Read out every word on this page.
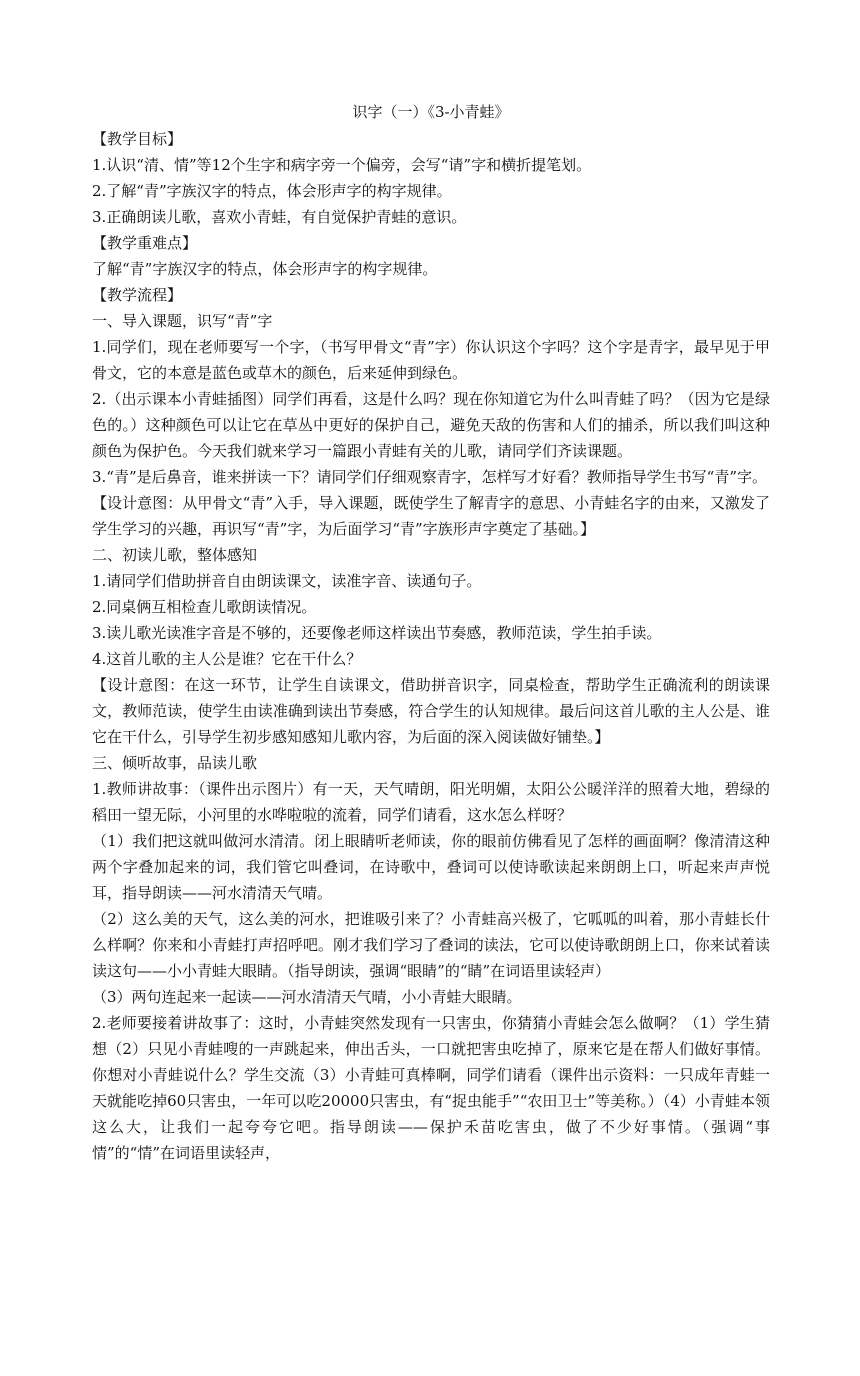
识字（一）《3-小青蛙》

【教学目标】

1.认识“清、情”等12个生字和病字旁一个偏旁，会写“请”字和横折提笔划。

2.了解“青”字族汉字的特点，体会形声字的构字规律。

3.正确朗读儿歌，喜欢小青蛙，有自觉保护青蛙的意识。

【教学重难点】

了解“青”字族汉字的特点，体会形声字的构字规律。

【教学流程】

一、导入课题，识写“青”字

1.同学们，现在老师要写一个字，（书写甲骨文“青”字）你认识这个字吗？这个字是青字，最早见于甲骨文，它的本意是蓝色或草木的颜色，后来延伸到绿色。

2.（出示课本小青蛙插图）同学们再看，这是什么吗？现在你知道它为什么叫青蛙了吗？（因为它是绿色的。）这种颜色可以让它在草丛中更好的保护自己，避免天敌的伤害和人们的捕杀，所以我们叫这种颜色为保护色。今天我们就来学习一篇跟小青蛙有关的儿歌，请同学们齐读课题。

3.“青”是后鼻音，谁来拼读一下？请同学们仔细观察青字，怎样写才好看？教师指导学生书写“青”字。

【设计意图：从甲骨文“青”入手，导入课题，既使学生了解青字的意思、小青蛙名字的由来，又激发了学生学习的兴趣，再识写“青”字，为后面学习“青”字族形声字奠定了基础。】

二、初读儿歌，整体感知

1.请同学们借助拼音自由朗读课文，读准字音、读通句子。

2.同桌俩互相检查儿歌朗读情况。

3.读儿歌光读准字音是不够的，还要像老师这样读出节奏感，教师范读，学生拍手读。

4.这首儿歌的主人公是谁？它在干什么？

【设计意图：在这一环节，让学生自读课文，借助拼音识字，同桌检查，帮助学生正确流利的朗读课文，教师范读，使学生由读准确到读出节奏感，符合学生的认知规律。最后问这首儿歌的主人公是、谁它在干什么，引导学生初步感知感知儿歌内容，为后面的深入阅读做好铺垫。】

三、倾听故事，品读儿歌

1.教师讲故事：（课件出示图片）有一天，天气晴朗，阳光明媚，太阳公公暖洋洋的照着大地，碧绿的稻田一望无际，小河里的水哗啦啦的流着，同学们请看，这水怎么样呀？

（1）我们把这就叫做河水清清。闭上眼睛听老师读，你的眼前仿佛看见了怎样的画面啊？像清清这种两个字叠加起来的词，我们管它叫叠词，在诗歌中，叠词可以使诗歌读起来朗朗上口，听起来声声悦耳，指导朗读——河水清清天气晴。

（2）这么美的天气，这么美的河水，把谁吸引来了？小青蛙高兴极了，它呱呱的叫着，那小青蛙长什么样啊？你来和小青蛙打声招呼吧。刚才我们学习了叠词的读法，它可以使诗歌朗朗上口，你来试着读读这句——小小青蛙大眼睛。（指导朗读，强调“眼睛”的“睛”在词语里读轻声）

（3）两句连起来一起读——河水清清天气晴，小小青蛙大眼睛。

2.老师要接着讲故事了：这时，小青蛙突然发现有一只害虫，你猜猜小青蛙会怎么做啊？（1）学生猜想（2）只见小青蛙嗖的一声跳起来，伸出舌头，一口就把害虫吃掉了，原来它是在帮人们做好事情。你想对小青蛙说什么？学生交流（3）小青蛙可真棒啊，同学们请看（课件出示资料：一只成年青蛙一天就能吃掉60只害虫，一年可以吃20000只害虫，有“捉虫能手”“农田卫士”等美称。）（4）小青蛙本领这么大，让我们一起夸夸它吧。指导朗读——保护禾苗吃害虫，做了不少好事情。（强调“事情”的“情”在词语里读轻声，
